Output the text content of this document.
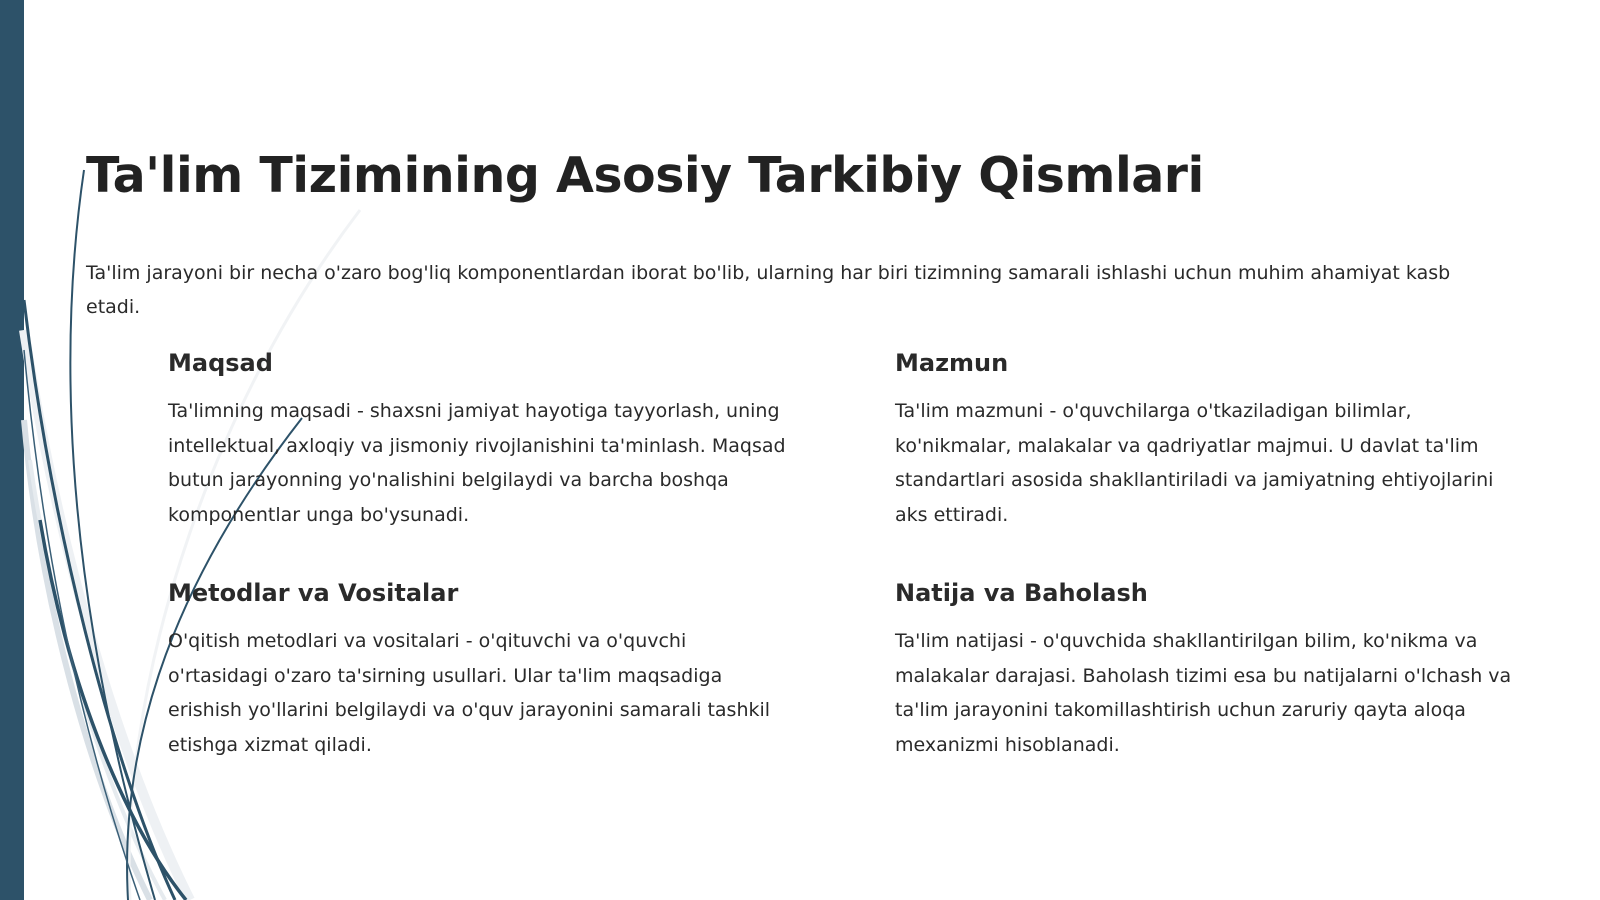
Ta'lim Tizimining Asosiy Tarkibiy Qismlari

Ta'lim jarayoni bir necha o'zaro bog'liq komponentlardan iborat bo'lib, ularning har biri tizimning samarali ishlashi uchun muhim ahamiyat kasb etadi.

Maqsad

Ta'limning maqsadi - shaxsni jamiyat hayotiga tayyorlash, uning intellektual, axloqiy va jismoniy rivojlanishini ta'minlash. Maqsad butun jarayonning yo'nalishini belgilaydi va barcha boshqa komponentlar unga bo'ysunadi.

Mazmun

Ta'lim mazmuni - o'quvchilarga o'tkaziladigan bilimlar, ko'nikmalar, malakalar va qadriyatlar majmui. U davlat ta'lim standartlari asosida shakllantiriladi va jamiyatning ehtiyojlarini aks ettiradi.

Metodlar va Vositalar

O'qitish metodlari va vositalari - o'qituvchi va o'quvchi o'rtasidagi o'zaro ta'sirning usullari. Ular ta'lim maqsadiga erishish yo'llarini belgilaydi va o'quv jarayonini samarali tashkil etishga xizmat qiladi.

Natija va Baholash

Ta'lim natijasi - o'quvchida shakllantirilgan bilim, ko'nikma va malakalar darajasi. Baholash tizimi esa bu natijalarni o'lchash va ta'lim jarayonini takomillashtirish uchun zaruriy qayta aloqa mexanizmi hisoblanadi.
